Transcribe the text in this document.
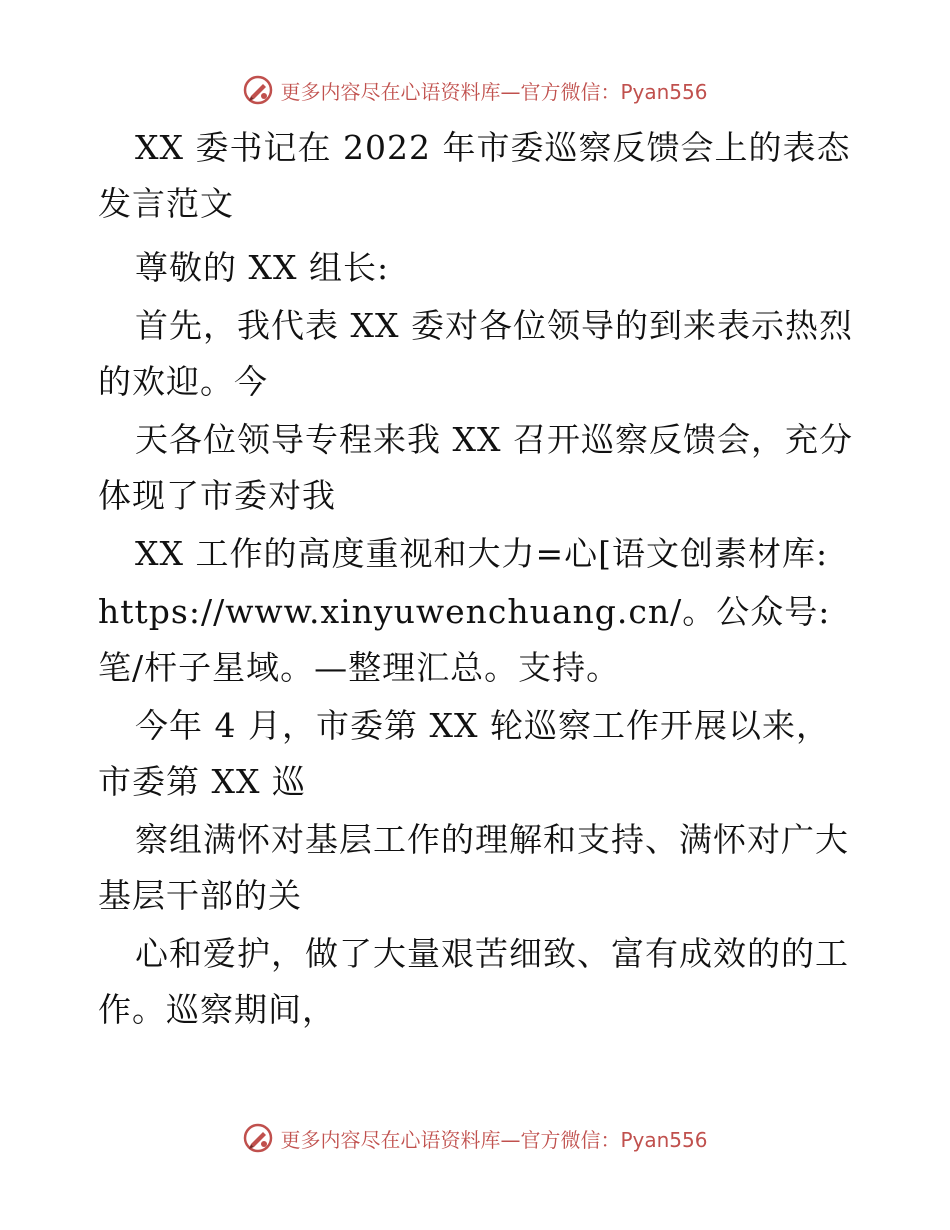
更多内容尽在心语资料库—官方微信：Pyan556
XX 委书记在 2022 年市委巡察反馈会上的表态
发言范文
尊敬的 XX 组长:
首先，我代表 XX 委对各位领导的到来表示热烈
的欢迎。今
天各位领导专程来我 XX 召开巡察反馈会，充分
体现了市委对我
XX 工作的高度重视和大力=心[语文创素材库:
https://www.xinyuwenchuang.cn/。公众号:
笔/杆子星域。—整理汇总。支持。
今年 4 月，市委第 XX 轮巡察工作开展以来，
市委第 XX 巡
察组满怀对基层工作的理解和支持、满怀对广大
基层干部的关
心和爱护，做了大量艰苦细致、富有成效的的工
作。巡察期间，
更多内容尽在心语资料库—官方微信：Pyan556
